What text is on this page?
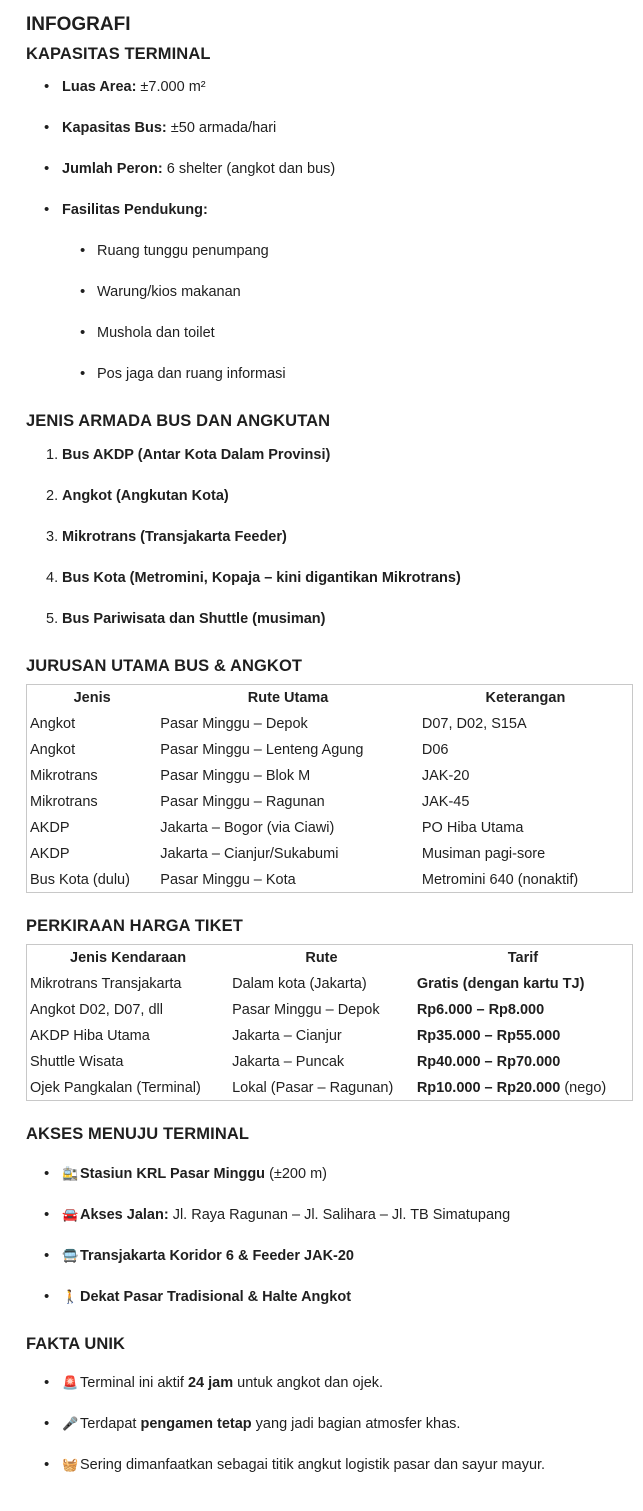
INFOGRAFI
KAPASITAS TERMINAL
• Luas Area: ±7.000 m²
• Kapasitas Bus: ±50 armada/hari
• Jumlah Peron: 6 shelter (angkot dan bus)
• Fasilitas Pendukung:
• Ruang tunggu penumpang
• Warung/kios makanan
• Mushola dan toilet
• Pos jaga dan ruang informasi
JENIS ARMADA BUS DAN ANGKUTAN
1. Bus AKDP (Antar Kota Dalam Provinsi)
2. Angkot (Angkutan Kota)
3. Mikrotrans (Transjakarta Feeder)
4. Bus Kota (Metromini, Kopaja – kini digantikan Mikrotrans)
5. Bus Pariwisata dan Shuttle (musiman)
JURUSAN UTAMA BUS & ANGKOT
Jenis	Rute Utama	Keterangan
Angkot	Pasar Minggu – Depok	D07, D02, S15A
Angkot	Pasar Minggu – Lenteng Agung	D06
Mikrotrans	Pasar Minggu – Blok M	JAK-20
Mikrotrans	Pasar Minggu – Ragunan	JAK-45
AKDP	Jakarta – Bogor (via Ciawi)	PO Hiba Utama
AKDP	Jakarta – Cianjur/Sukabumi	Musiman pagi-sore
Bus Kota (dulu)	Pasar Minggu – Kota	Metromini 640 (nonaktif)
PERKIRAAN HARGA TIKET
Jenis Kendaraan	Rute	Tarif
Mikrotrans Transjakarta	Dalam kota (Jakarta)	Gratis (dengan kartu TJ)
Angkot D02, D07, dll	Pasar Minggu – Depok	Rp6.000 – Rp8.000
AKDP Hiba Utama	Jakarta – Cianjur	Rp35.000 – Rp55.000
Shuttle Wisata	Jakarta – Puncak	Rp40.000 – Rp70.000
Ojek Pangkalan (Terminal)	Lokal (Pasar – Ragunan)	Rp10.000 – Rp20.000 (nego)
AKSES MENUJU TERMINAL
• 🚉 Stasiun KRL Pasar Minggu (±200 m)
• 🚘 Akses Jalan: Jl. Raya Ragunan – Jl. Salihara – Jl. TB Simatupang
• 🚍 Transjakarta Koridor 6 & Feeder JAK-20
• 🚶 Dekat Pasar Tradisional & Halte Angkot
FAKTA UNIK
• 🚨 Terminal ini aktif 24 jam untuk angkot dan ojek.
• 🎤 Terdapat pengamen tetap yang jadi bagian atmosfer khas.
• 🧺 Sering dimanfaatkan sebagai titik angkut logistik pasar dan sayur mayur.
